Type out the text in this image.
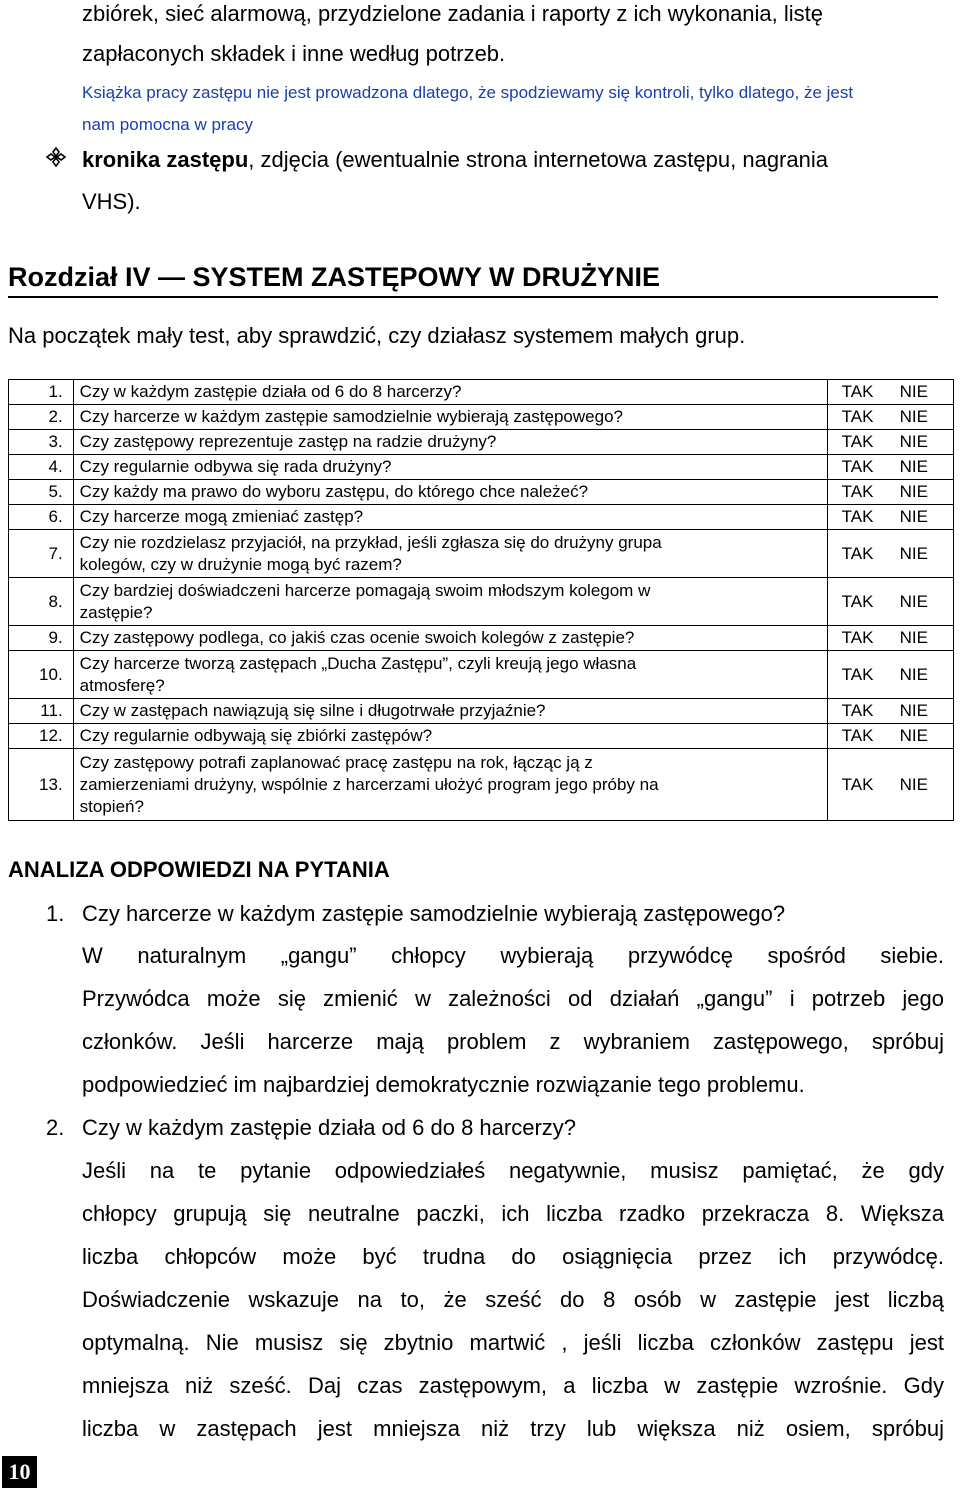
zbiórek, sieć alarmową, przydzielone zadania i raporty z ich wykonania, listę
zapłaconych składek i inne według potrzeb.
Książka pracy zastępu nie jest prowadzona dlatego, że spodziewamy się kontroli, tylko dlatego, że jest
nam pomocna w pracy
kronika zastępu, zdjęcia (ewentualnie strona internetowa zastępu, nagrania
VHS).
Rozdział IV — SYSTEM ZASTĘPOWY W DRUŻYNIE
Na początek mały test, aby sprawdzić, czy działasz systemem małych grup.
1.	Czy w każdym zastępie działa od 6 do 8 harcerzy?	TAK NIE
2.	Czy harcerze w każdym zastępie samodzielnie wybierają zastępowego?	TAK NIE
3.	Czy zastępowy reprezentuje zastęp na radzie drużyny?	TAK NIE
4.	Czy regularnie odbywa się rada drużyny?	TAK NIE
5.	Czy każdy ma prawo do wyboru zastępu, do którego chce należeć?	TAK NIE
6.	Czy harcerze mogą zmieniać zastęp?	TAK NIE
7.	Czy nie rozdzielasz przyjaciół, na przykład, jeśli zgłasza się do drużyny grupa
kolegów, czy w drużynie mogą być razem?	TAK NIE
8.	Czy bardziej doświadczeni harcerze pomagają swoim młodszym kolegom w
zastępie?	TAK NIE
9.	Czy zastępowy podlega, co jakiś czas ocenie swoich kolegów z zastępie?	TAK NIE
10.	Czy harcerze tworzą zastępach „Ducha Zastępu”, czyli kreują jego własna
atmosferę?	TAK NIE
11.	Czy w zastępach nawiązują się silne i długotrwałe przyjaźnie?	TAK NIE
12.	Czy regularnie odbywają się zbiórki zastępów?	TAK NIE
13.	Czy zastępowy potrafi zaplanować pracę zastępu na rok, łącząc ją z
zamierzeniami drużyny, wspólnie z harcerzami ułożyć program jego próby na
stopień?	TAK NIE
ANALIZA ODPOWIEDZI NA PYTANIA
1. Czy harcerze w każdym zastępie samodzielnie wybierają zastępowego?
W naturalnym „gangu” chłopcy wybierają przywódcę spośród siebie.
Przywódca może się zmienić w zależności od działań „gangu” i potrzeb jego
członków. Jeśli harcerze mają problem z wybraniem zastępowego, spróbuj
podpowiedzieć im najbardziej demokratycznie rozwiązanie tego problemu.
2. Czy w każdym zastępie działa od 6 do 8 harcerzy?
Jeśli na te pytanie odpowiedziałeś negatywnie, musisz pamiętać, że gdy
chłopcy grupują się neutralne paczki, ich liczba rzadko przekracza 8. Większa
liczba chłopców może być trudna do osiągnięcia przez ich przywódcę.
Doświadczenie wskazuje na to, że sześć do 8 osób w zastępie jest liczbą
optymalną. Nie musisz się zbytnio martwić , jeśli liczba członków zastępu jest
mniejsza niż sześć. Daj czas zastępowym, a liczba w zastępie wzrośnie. Gdy
liczba w zastępach jest mniejsza niż trzy lub większa niż osiem, spróbuj
10
